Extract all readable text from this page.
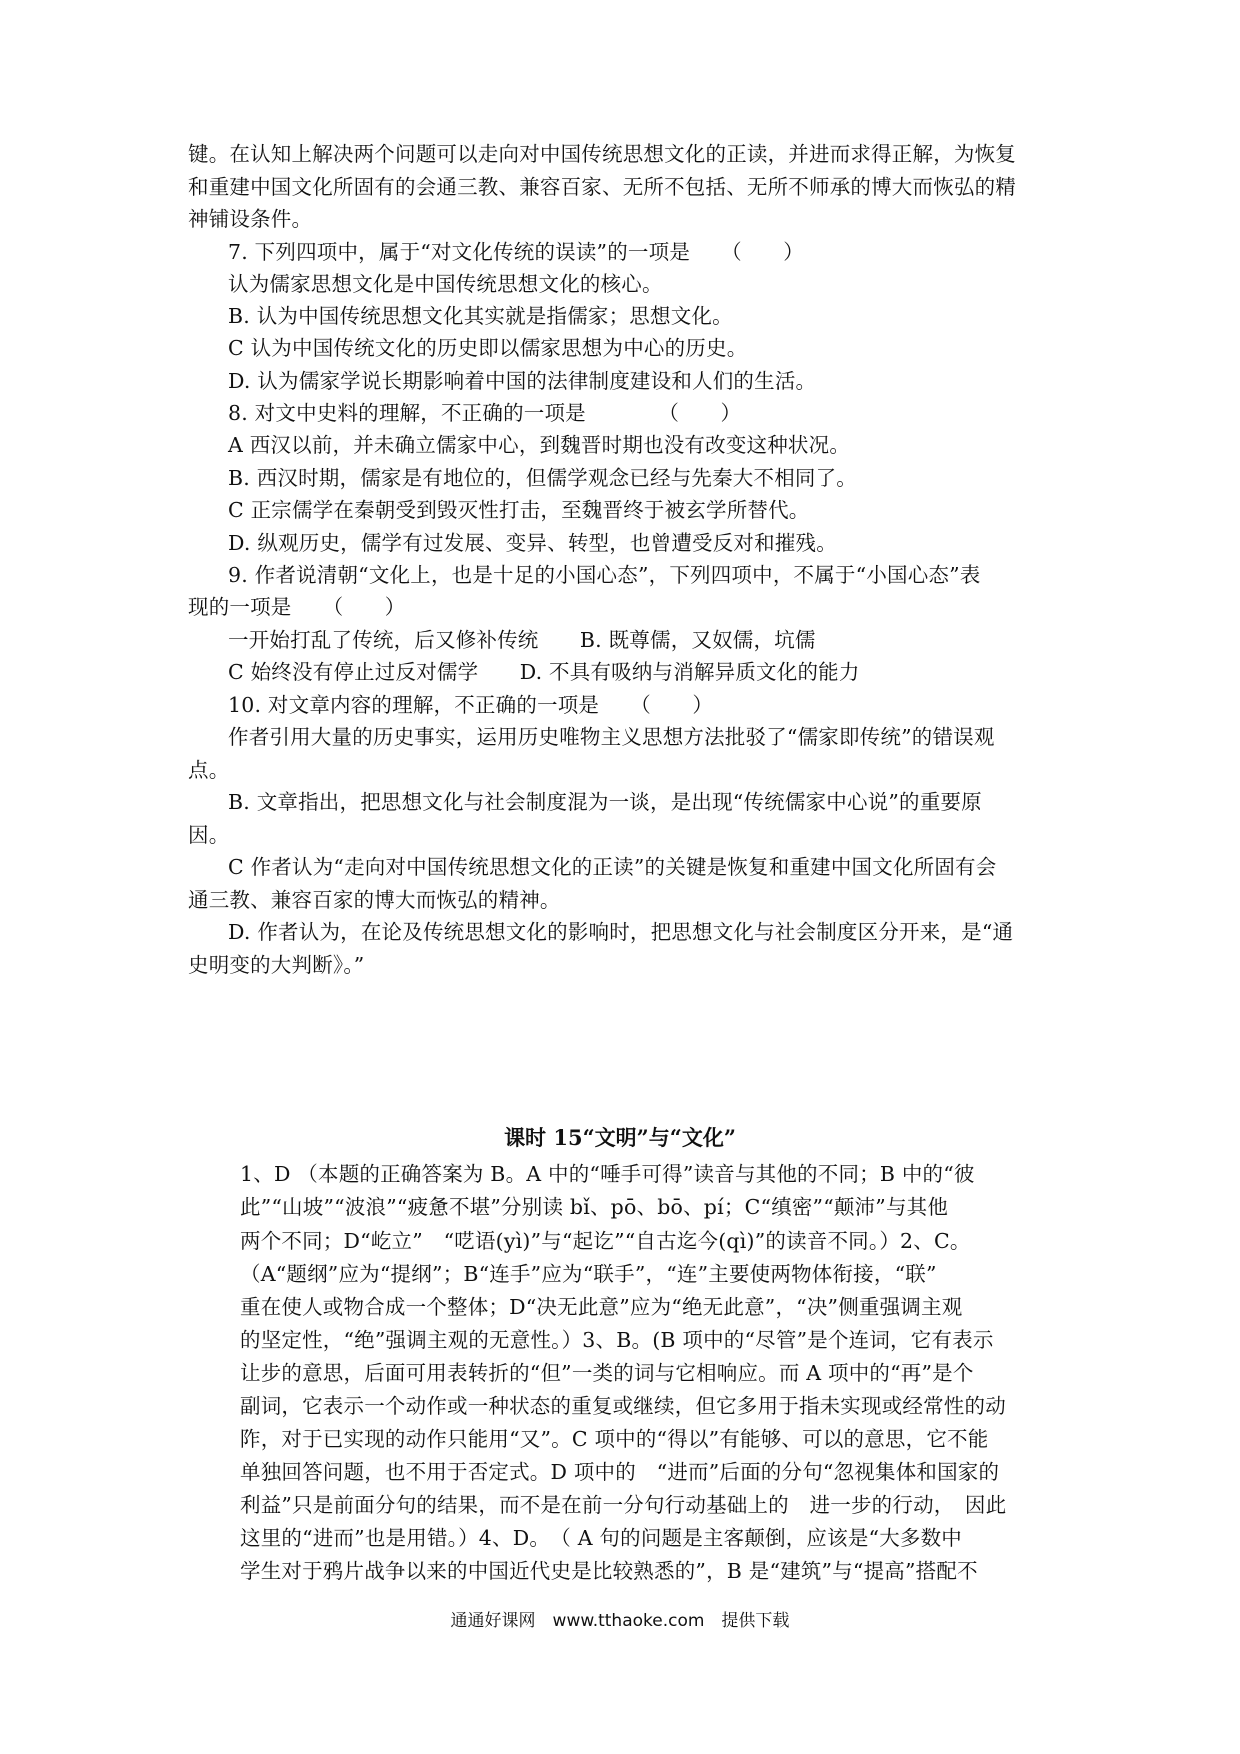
键。在认知上解决两个问题可以走向对中国传统思想文化的正读，并进而求得正解，为恢复
和重建中国文化所固有的会通三教、兼容百家、无所不包括、无所不师承的博大而恢弘的精
神铺设条件。
7. 下列四项中，属于“对文化传统的误读”的一项是　　（　　）
认为儒家思想文化是中国传统思想文化的核心。
B. 认为中国传统思想文化其实就是指儒家；思想文化。
C 认为中国传统文化的历史即以儒家思想为中心的历史。
D. 认为儒家学说长期影响着中国的法律制度建设和人们的生活。
8. 对文中史料的理解，不正确的一项是　　　　（　　）
A 西汉以前，并未确立儒家中心，到魏晋时期也没有改变这种状况。
B. 西汉时期，儒家是有地位的，但儒学观念已经与先秦大不相同了。
C 正宗儒学在秦朝受到毁灭性打击，至魏晋终于被玄学所替代。
D. 纵观历史，儒学有过发展、变异、转型，也曾遭受反对和摧残。
9. 作者说清朝“文化上，也是十足的小国心态”，下列四项中，不属于“小国心态”表
现的一项是　　（　　）
一开始打乱了传统，后又修补传统　　B. 既尊儒，又奴儒，坑儒
C 始终没有停止过反对儒学　　D. 不具有吸纳与消解异质文化的能力
10. 对文章内容的理解，不正确的一项是　　（　　）
作者引用大量的历史事实，运用历史唯物主义思想方法批驳了“儒家即传统”的错误观
点。
B. 文章指出，把思想文化与社会制度混为一谈，是出现“传统儒家中心说”的重要原
因。
C 作者认为“走向对中国传统思想文化的正读”的关键是恢复和重建中国文化所固有会
通三教、兼容百家的博大而恢弘的精神。
D. 作者认为，在论及传统思想文化的影响时，把思想文化与社会制度区分开来，是“通
史明变的大判断》。”
课时 15“文明”与“文化”
1、D （本题的正确答案为 B。A 中的“唾手可得”读音与其他的不同；B 中的“彼
此”“山坡”“波浪”“疲惫不堪”分别读 bǐ、pō、bō、pí；C“缜密”“颠沛”与其他
两个不同；D“屹立”　“呓语(yì)”与“起讫”“自古迄今(qì)”的读音不同。）2、C。
（A“题纲”应为“提纲”；B“连手”应为“联手”，“连”主要使两物体衔接，“联”
重在使人或物合成一个整体；D“决无此意”应为“绝无此意”，“决”侧重强调主观
的坚定性，“绝”强调主观的无意性。）3、B。(B 项中的“尽管”是个连词，它有表示
让步的意思，后面可用表转折的“但”一类的词与它相响应。而 A 项中的“再”是个
副词，它表示一个动作或一种状态的重复或继续，但它多用于指未实现或经常性的动
阼，对于已实现的动作只能用“又”。C 项中的“得以”有能够、可以的意思，它不能
单独回答问题，也不用于否定式。D 项中的　“进而”后面的分句“忽视集体和国家的
利益”只是前面分句的结果，而不是在前一分句行动基础上的　进一步的行动，　因此
这里的“进而”也是用错。）4、D。　（ A 句的问题是主客颠倒，应该是“大多数中
学生对于鸦片战争以来的中国近代史是比较熟悉的”，B 是“建筑”与“提高”搭配不
通通好课网　www.tthaoke.com　提供下载
